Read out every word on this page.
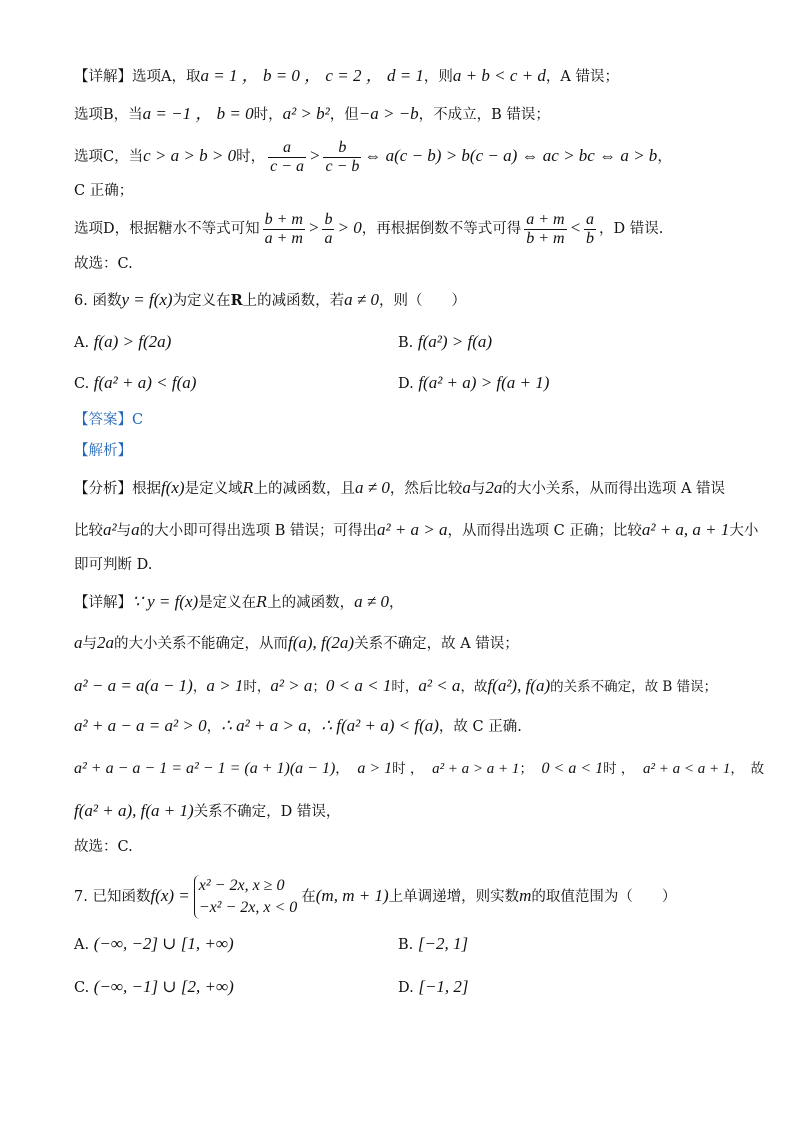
【详解】选项A，取a = 1 ， b = 0 ， c = 2 ， d = 1，则a + b < c + d，A 错误；
选项B，当a = −1 ， b = 0时，a² > b²，但−a > −b，不成立，B 错误；
选项C，当c > a > b > 0时， $\frac{a}{c - a} > \frac{b}{c - b}$ ⇔ a(c − b) > b(c − a) ⇔ ac > bc ⇔ a > b，
C 正确；
选项D，根据糖水不等式可知 $\frac{b + m}{a + m} > \frac{b}{a} > 0$，再根据倒数不等式可得 $\frac{a + m}{b + m} < \frac{a}{b}$ ，D 错误.
故选：C.
6. 函数y = f(x)为定义在R上的减函数，若a ≠ 0，则（　　）
A. f(a) > f(2a)	B. f(a²) > f(a)
C. f(a² + a) < f(a)	D. f(a² + a) > f(a + 1)
【答案】C
【解析】
【分析】根据f(x)是定义域R上的减函数，且a ≠ 0，然后比较a与2a的大小关系，从而得出选项 A 错误
比较a²与a的大小即可得出选项 B 错误；可得出a² + a > a，从而得出选项 C 正确；比较a² + a, a + 1大小
即可判断 D.
【详解】∵ y = f(x)是定义在R上的减函数，a ≠ 0，
a与2a的大小关系不能确定，从而f(a), f(2a)关系不确定，故 A 错误；
a² − a = a(a − 1)，a > 1时，a² > a；0 < a < 1时，a² < a，故f(a²), f(a)的关系不确定，故 B 错误；
a² + a − a = a² > 0，∴ a² + a > a，∴ f(a² + a) < f(a)，故 C 正确.
a² + a − a − 1 = a² − 1 = (a + 1)(a − 1)， a > 1时 ， a² + a > a + 1； 0 < a < 1时 ， a² + a < a + 1，　故
f(a² + a), f(a + 1)关系不确定，D 错误，
故选：C.
7. 已知函数f(x) =
x² − 2x, x ≥ 0
−x² − 2x, x < 0
在(m, m + 1)上单调递增，则实数m的取值范围为（　　）
A. (−∞, −2] ∪ [1, +∞)	B. [−2, 1]
C. (−∞, −1] ∪ [2, +∞)	D. [−1, 2]
